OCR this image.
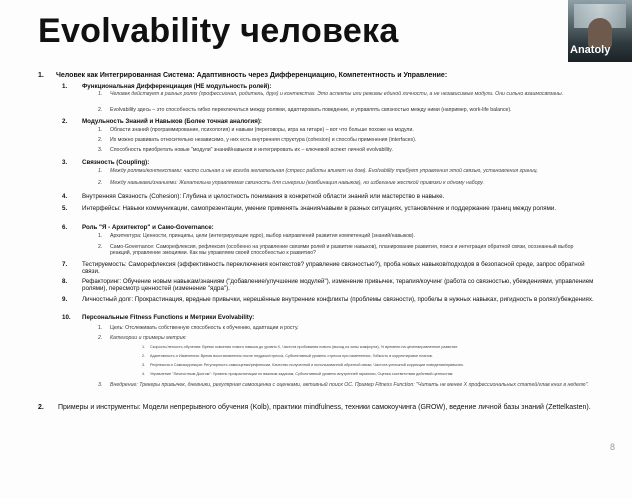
Evolvability человека	Anatoly
1. Человек как Интегрированная Система: Адаптивность через Дифференциацию, Компетентность и Управление:
1. Функциональная Дифференциация (НЕ модульность ролей):
1. Человек действует в разных ролях (профессионал, родитель, друг) и контекстах. Это аспекты или режимы единой личности, а не независимые модули. Они сильно взаимосвязаны.
2. Evolvability здесь – это способность гибко переключаться между ролями, адаптировать поведение, и управлять связностью между ними (например, work-life balance).
2. Модульность Знаний и Навыков (Более точная аналогия):
1. Области знаний (программирование, психология) и навыки (переговоры, игра на гитаре) – вот что больше похоже на модули.
2. Их можно развивать относительно независимо, у них есть внутренняя структура (cohesion) и способы применения (interfaces).
3. Способность приобретать новые "модули" знаний/навыков и интегрировать их – ключевой аспект личной evolvability.
3. Связность (Coupling):
1. Между ролями/контекстами: часто сильная и не всегда желательная (стресс работы влияет на дом). Evolvability требует управления этой связью, установления границ.
2. Между навыками/знаниями: Желательна управляемая связность для синергии (комбинация навыков), но избегание жесткой привязки к одному набору.
4. Внутренняя Связность (Cohesion): Глубина и целостность понимания в конкретной области знаний или мастерство в навыке.
5. Интерфейсы: Навыки коммуникации, самопрезентации, умение применять знания/навыки в разных ситуациях, установление и поддержание границ между ролями.
6. Роль "Я - Архитектор" и Само-Governance:
1. Архитектура: Ценности, принципы, цели (интегрирующие ядро), выбор направлений развития компетенций (знаний/навыков).
2. Само-Governance: Саморефлексия, рефлексия (особенно на управление связями ролей и развитие навыков), планирование развития, поиск и интеграция обратной связи, осознанный выбор реакций, управление эмоциями. Как мы управляем своей способностью к развитию?
7. Тестируемость: Саморефлексия (эффективность переключения контекстов? управление связностью?), проба новых навыков/подходов в безопасной среде, запрос обратной связи.
8. Рефакторинг: Обучение новым навыкам/знаниям ("добавление/улучшение модулей"), изменение привычек, терапия/коучинг (работа со связностью, убеждениями, управлением ролями), пересмотр ценностей (изменение "ядра").
9. Личностный долг: Прокрастинация, вредные привычки, нерешённые внутренние конфликты (проблемы связности), пробелы в нужных навыках, ригидность в ролях/убеждениях.
10. Персональные Fitness Functions и Метрики Evolvability:
1. Цель: Отслеживать собственную способность к обучению, адаптации и росту.
2. Категории и примеры метрик:
1. Скорость/легкость обучения: Время освоения нового навыка до уровня X, Частота пробования нового (выход из зоны комфорта), % времени на целенаправленное развитие.
2. Адаптивность и Изменения: Время восстановления после неудачи/стресса, Субъективный уровень стресса при изменениях, Гибкость в корректировке планов.
3. Рефлексия и Самокоррекция: Регулярность самооценки/рефлексии, Качество полученной и использованной обратной связи, Частота успешной коррекции поведения/привычек.
4. Управление "Личностным Долгом": Уровень прокрастинации по важным задачам, Субъективный уровень внутренней гармонии, Оценка соответствия действий ценностям.
3. Внедрение: Трекеры привычек, дневники, регулярная самооценка с оценками, активный поиск ОС. Пример Fitness Function: "Читать не менее X профессиональных статей/глав книг в неделю".
2. Примеры и инструменты: Модели непрерывного обучения (Kolb), практики mindfulness, техники самокоучинга (GROW), ведение личной базы знаний (Zettelkasten).
8
